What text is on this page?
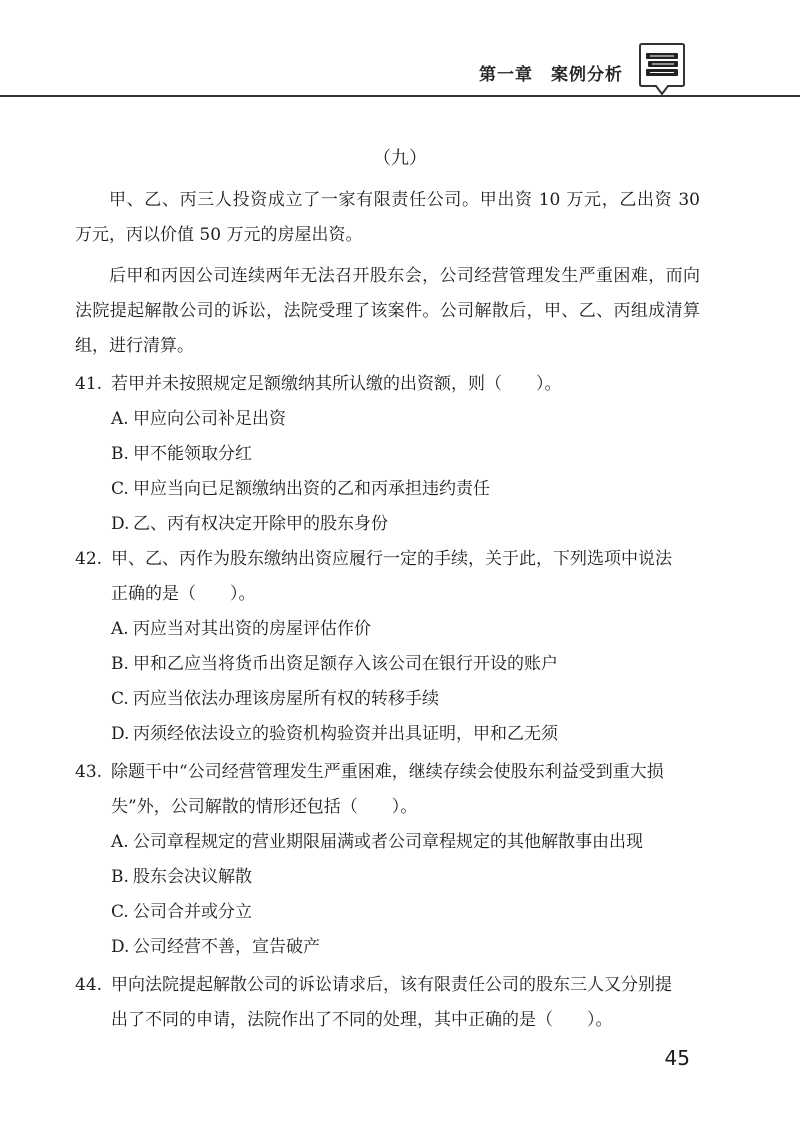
第一章　案例分析
（九）

甲、乙、丙三人投资成立了一家有限责任公司。甲出资 10 万元，乙出资 30 万元，丙以价值 50 万元的房屋出资。

后甲和丙因公司连续两年无法召开股东会，公司经营管理发生严重困难，而向法院提起解散公司的诉讼，法院受理了该案件。公司解散后，甲、乙、丙组成清算组，进行清算。

41. 若甲并未按照规定足额缴纳其所认缴的出资额，则（　　）。
A. 甲应向公司补足出资
B. 甲不能领取分红
C. 甲应当向已足额缴纳出资的乙和丙承担违约责任
D. 乙、丙有权决定开除甲的股东身份
42. 甲、乙、丙作为股东缴纳出资应履行一定的手续，关于此，下列选项中说法
正确的是（　　）。
A. 丙应当对其出资的房屋评估作价
B. 甲和乙应当将货币出资足额存入该公司在银行开设的账户
C. 丙应当依法办理该房屋所有权的转移手续
D. 丙须经依法设立的验资机构验资并出具证明，甲和乙无须
43. 除题干中“公司经营管理发生严重困难，继续存续会使股东利益受到重大损
失”外，公司解散的情形还包括（　　）。
A. 公司章程规定的营业期限届满或者公司章程规定的其他解散事由出现
B. 股东会决议解散
C. 公司合并或分立
D. 公司经营不善，宣告破产
44. 甲向法院提起解散公司的诉讼请求后，该有限责任公司的股东三人又分别提
出了不同的申请，法院作出了不同的处理，其中正确的是（　　）。
45
